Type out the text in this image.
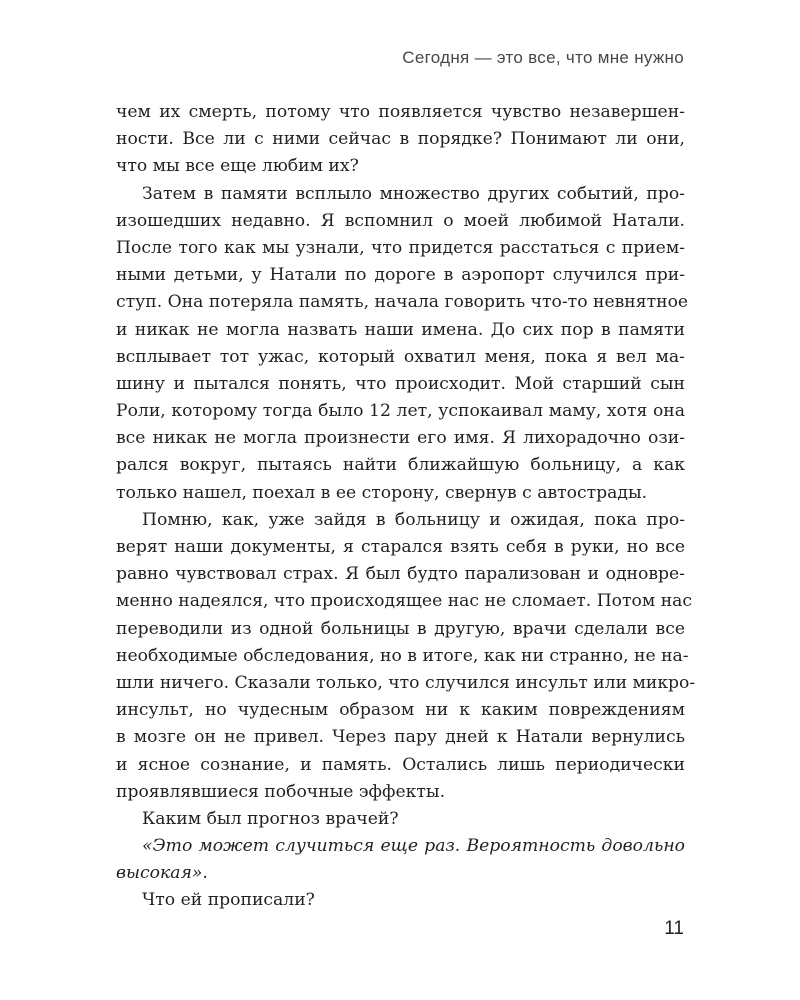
Сегодня — это все, что мне нужно
чем их смерть, потому что появляется чувство незавершен-
ности. Все ли с ними сейчас в порядке? Понимают ли они,
что мы все еще любим их?
Затем в памяти всплыло множество других событий, про-
изошедших недавно. Я вспомнил о моей любимой Натали.
После того как мы узнали, что придется расстаться с прием-
ными детьми, у Натали по дороге в аэропорт случился при-
ступ. Она потеряла память, начала говорить что-то невнятное
и никак не могла назвать наши имена. До сих пор в памяти
всплывает тот ужас, который охватил меня, пока я вел ма-
шину и пытался понять, что происходит. Мой старший сын
Роли, которому тогда было 12 лет, успокаивал маму, хотя она
все никак не могла произнести его имя. Я лихорадочно ози-
рался вокруг, пытаясь найти ближайшую больницу, а как
только нашел, поехал в ее сторону, свернув с автострады.
Помню, как, уже зайдя в больницу и ожидая, пока про-
верят наши документы, я старался взять себя в руки, но все
равно чувствовал страх. Я был будто парализован и одновре-
менно надеялся, что происходящее нас не сломает. Потом нас
переводили из одной больницы в другую, врачи сделали все
необходимые обследования, но в итоге, как ни странно, не на-
шли ничего. Сказали только, что случился инсульт или микро-
инсульт, но чудесным образом ни к каким повреждениям
в мозге он не привел. Через пару дней к Натали вернулись
и ясное сознание, и память. Остались лишь периодически
проявлявшиеся побочные эффекты.
Каким был прогноз врачей?
«Это может случиться еще раз. Вероятность довольно
высокая».
Что ей прописали?
11
